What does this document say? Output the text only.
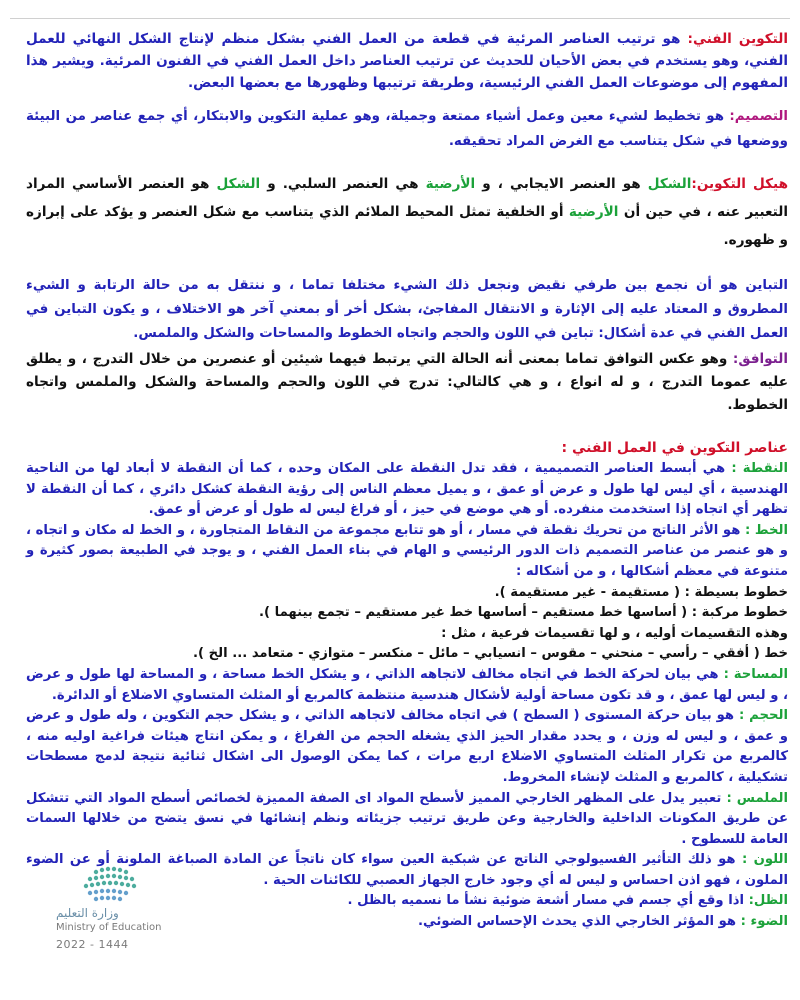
وزارة التعليم
Ministry of Education
2022 - 1444

التكوين الفني: هو ترتيب العناصر المرئية في قطعة من العمل الفني بشكل منظم لإنتاج الشكل النهائي للعمل الفني، وهو يستخدم في بعض الأحيان للحديث عن ترتيب العناصر داخل العمل الفني في الفنون المرئية. ويشير هذا المفهوم إلى موضوعات العمل الفني الرئيسية، وطريقة ترتيبها وظهورها مع بعضها البعض.

التصميم: هو تخطيط لشيء معين وعمل أشياء ممتعة وجميلة، وهو عملية التكوين والابتكار، أي جمع عناصر من البيئة ووضعها في شكل يتناسب مع الغرض المراد تحقيقه.

هيكل التكوين:الشكل هو العنصر الايجابي ، و الأرضية هي العنصر السلبي. و الشكل هو العنصر الأساسي المراد التعبير عنه ، في حين أن الأرضية أو الخلفية تمثل المحيط الملائم الذي يتناسب مع شكل العنصر و يؤكد على إبرازه و ظهوره.

التباين هو أن نجمع بين طرفي نقيض ونجعل ذلك الشيء مختلفا تماما ، و ننتقل به من حالة الرتابة و الشيء المطروق و المعتاد عليه إلى الإثارة و الانتقال المفاجئ، بشكل أخر أو بمعني آخر هو الاختلاف ، و يكون التباين في العمل الفني في عدة أشكال: تباين في اللون والحجم واتجاه الخطوط والمساحات والشكل والملمس.

التوافق: وهو عكس التوافق تماما بمعنى أنه الحالة التي يرتبط فيهما شيئين أو عنصرين من خلال التدرج ، و يطلق عليه عموما التدرج ، و له انواع ، و هي كالتالي: تدرج في اللون والحجم والمساحة والشكل والملمس واتجاه الخطوط.

عناصر التكوين في العمل الفني :

النقطة : هي أبسط العناصر التصميمية ، فقد تدل النقطة على المكان وحده ، كما أن النقطة لا أبعاد لها من الناحية الهندسية ، أي ليس لها طول و عرض أو عمق ، و يميل معظم الناس إلى رؤية النقطة كشكل دائري ، كما أن النقطة لا تظهر أي اتجاه إذا استخدمت منفرده. أو هي موضع في حيز ، أو فراغ ليس له طول أو عرض أو عمق.

الخط : هو الأثر الناتج من تحريك نقطة في مسار ، أو هو تتابع مجموعة من النقاط المتجاورة ، و الخط له مكان و اتجاه ، و هو عنصر من عناصر التصميم ذات الدور الرئيسي و الهام في بناء العمل الفني ، و يوجد في الطبيعة بصور كثيرة و متنوعة في معظم أشكالها ، و من أشكاله :

خطوط بسيطة : ( مستقيمة - غير مستقيمة ).

خطوط مركبة : ( أساسها خط مستقيم – أساسها خط غير مستقيم – تجمع بينهما ).

وهذه التقسيمات أوليه ، و لها تقسيمات فرعية ، مثل :

خط ( أفقي – رأسي – منحني – مقوس – انسيابي – مائل – منكسر – متوازي - متعامد ... الخ ).

المساحة : هي بيان لحركة الخط في اتجاه مخالف لاتجاهه الذاتي ، و يشكل الخط مساحة ، و المساحة لها طول و عرض ، و ليس لها عمق ، و قد تكون مساحة أولية لأشكال هندسية منتظمة كالمربع أو المثلث المتساوي الاضلاع أو الدائرة.

الحجم : هو بيان حركة المستوى ( السطح ) في اتجاه مخالف لاتجاهه الذاتي ، و يشكل حجم التكوين ، وله طول و عرض و عمق ، و ليس له وزن ، و يحدد مقدار الحيز الذي يشغله الحجم من الفراغ ، و يمكن انتاج هيئات فراغية اوليه منه ، كالمربع من تكرار المثلث المتساوي الاضلاع اربع مرات ، كما يمكن الوصول الى اشكال ثنائية نتيجة لدمج مسطحات تشكيلية ، كالمربع و المثلث لإنشاء المخروط.

الملمس : تعبير يدل على المظهر الخارجي المميز لأسطح المواد اى الصفة المميزة لخصائص أسطح المواد التي تتشكل عن طريق المكونات الداخلية والخارجية وعن طريق ترتيب جزيئاته ونظم إنشائها في نسق يتضح من خلالها السمات العامة للسطوح .

اللون : هو ذلك التأثير الفسيولوجي الناتج عن شبكية العين سواء كان ناتجاً عن المادة الصباغة الملونة أو عن الضوء الملون ، فهو اذن احساس و ليس له أي وجود خارج الجهاز العصبي للكائنات الحية .

الظل: اذا وقع أي جسم في مسار أشعة ضوئية نشأ ما نسميه بالظل .

الضوء : هو المؤثر الخارجي الذي يحدث الإحساس الضوئي.
